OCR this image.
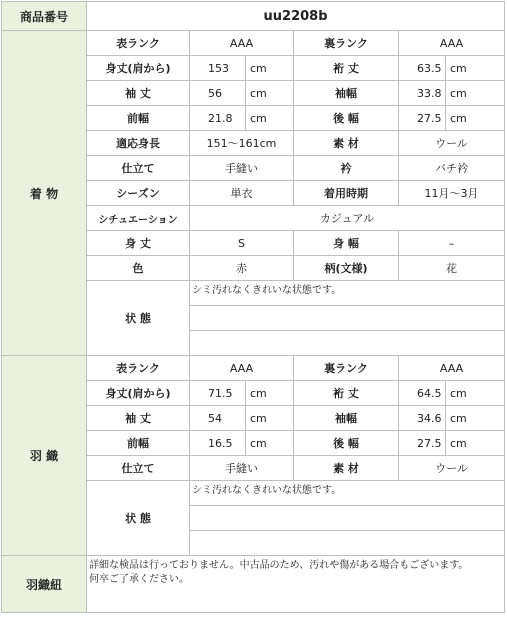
商品番号	uu2208b					
着 物	表ランク	AAA		裏ランク	AAA	
	身丈(肩から)	153	cm	裄 丈	63.5	cm
	袖 丈	56	cm	袖幅	33.8	cm
	前幅	21.8	cm	後 幅	27.5	cm
	適応身長	151〜161cm		素 材	ウール	
	仕立て	手縫い		衿	バチ衿	
	シーズン	単衣		着用時期	11月〜3月	
	シチュエーション	カジュアル				
	身 丈	S		身 幅	–	
	色	赤		柄(文様)	花	
	状 態	シミ汚れなくきれいな状態です。				

羽 織	表ランク	AAA		裏ランク	AAA	
	身丈(肩から)	71.5	cm	裄 丈	64.5	cm
	袖 丈	54	cm	袖幅	34.6	cm
	前幅	16.5	cm	後 幅	27.5	cm
	仕立て	手縫い		素 材	ウール	
	状 態	シミ汚れなくきれいな状態です。				

羽織紐	詳細な検品は行っておりません。中古品のため、汚れや傷がある場合もございます。
何卒ご了承ください。					
